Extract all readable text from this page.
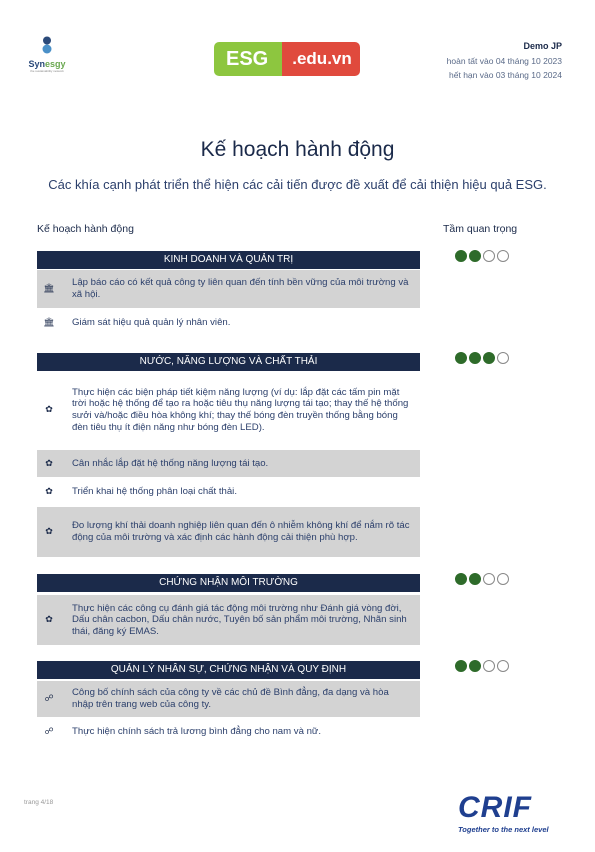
Synesgy
the sustainability network
ESG	.edu.vn
Demo JP
hoàn tất vào 04 tháng 10 2023
hết hạn vào 03 tháng 10 2024
Kế hoạch hành động
Các khía cạnh phát triển thể hiện các cải tiến được đề xuất để cải thiện hiệu quả ESG.
Kế hoạch hành động	Tầm quan trọng
KINH DOANH VÀ QUẢN TRỊ
🏛 Lập báo cáo có kết quả công ty liên quan đến tính bền vững của môi trường và xã hội.
🏛 Giám sát hiệu quả quản lý nhân viên.
NƯỚC, NĂNG LƯỢNG VÀ CHẤT THẢI
✿
Thực hiện các biện pháp tiết kiệm năng lượng (ví dụ: lắp đặt các tấm pin mặt trời hoặc hệ thống để tạo ra hoặc tiêu thụ năng lượng tái tạo; thay thế hệ thống sưởi và/hoặc điều hòa không khí; thay thế bóng đèn truyền thống bằng bóng đèn tiêu thụ ít điện năng như bóng đèn LED).
✿ Cân nhắc lắp đặt hệ thống năng lượng tái tạo.
✿ Triển khai hệ thống phân loại chất thải.
✿ Đo lượng khí thải doanh nghiệp liên quan đến ô nhiễm không khí để nắm rõ tác động của môi trường và xác định các hành động cải thiện phù hợp.
CHỨNG NHẬN MÔI TRƯỜNG
✿
Thực hiện các công cụ đánh giá tác động môi trường như Đánh giá vòng đời, Dấu chân cacbon, Dấu chân nước, Tuyên bố sản phẩm môi trường, Nhãn sinh thái, đăng ký EMAS.
QUẢN LÝ NHÂN SỰ, CHỨNG NHẬN VÀ QUY ĐỊNH
☍ Công bố chính sách của công ty về các chủ đề Bình đẳng, đa dạng và hòa nhập trên trang web của công ty.
☍ Thực hiện chính sách trả lương bình đẳng cho nam và nữ.
trang 4/18	CRIF
Together to the next level
